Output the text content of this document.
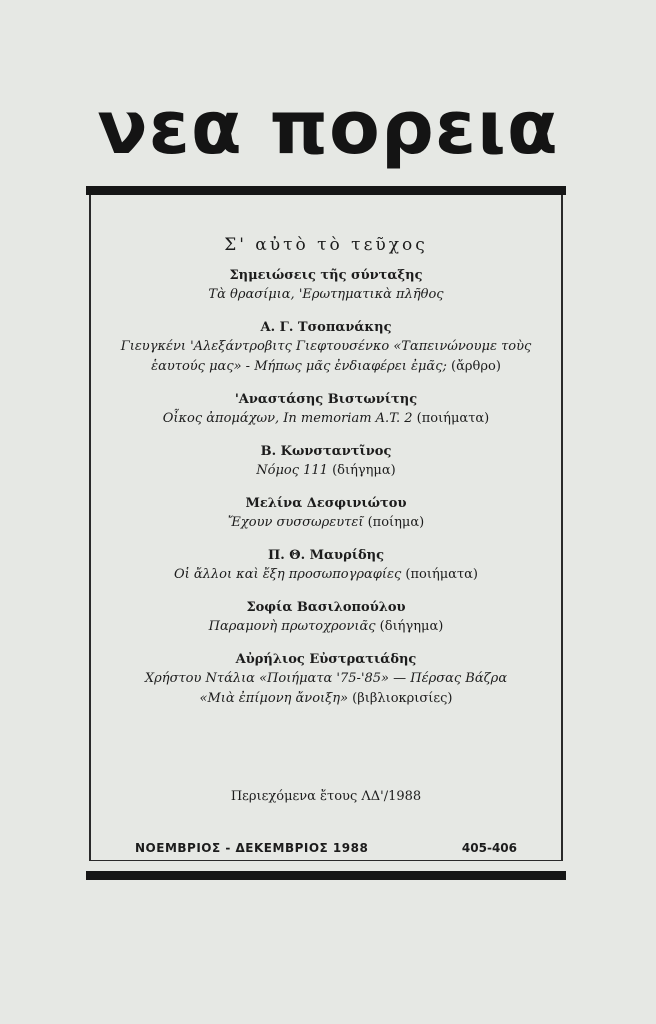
νεα πορεια
Σ' αὐτὸ τὸ τεῦχος
Σημειώσεις τῆς σύνταξης
Τὰ θρασίμια, 'Ερωτηματικὰ πλῆθος
Α. Γ. Τσοπανάκης
Γιευγκένι 'Αλεξάντροβιτς Γιεφτουσένκο «Ταπεινώνουμε τοὺς
ἑαυτούς μας» - Μήπως μᾶς ἐνδιαφέρει ἐμᾶς; (ἄρθρο)
'Αναστάσης Βιστωνίτης
Οἶκος ἀπομάχων, In memoriam A.T. 2 (ποιήματα)
Β. Κωνσταντῖνος
Νόμος 111 (διήγημα)
Μελίνα Δεσφινιώτου
Ἔχουν συσσωρευτεῖ (ποίημα)
Π. Θ. Μαυρίδης
Οἱ ἄλλοι καὶ ἔξη προσωπογραφίες (ποιήματα)
Σοφία Βασιλοπούλου
Παραμονὴ πρωτοχρονιᾶς (διήγημα)
Αὐρήλιος Εὐστρατιάδης
Χρήστου Ντάλια «Ποιήματα '75-'85» — Πέρσας Βάζρα
«Μιὰ ἐπίμονη ἄνοιξη» (βιβλιοκρισίες)
Περιεχόμενα ἔτους ΛΔ'/1988
ΝΟΕΜΒΡΙΟΣ - ΔΕΚΕΜΒΡΙΟΣ 1988	405-406
